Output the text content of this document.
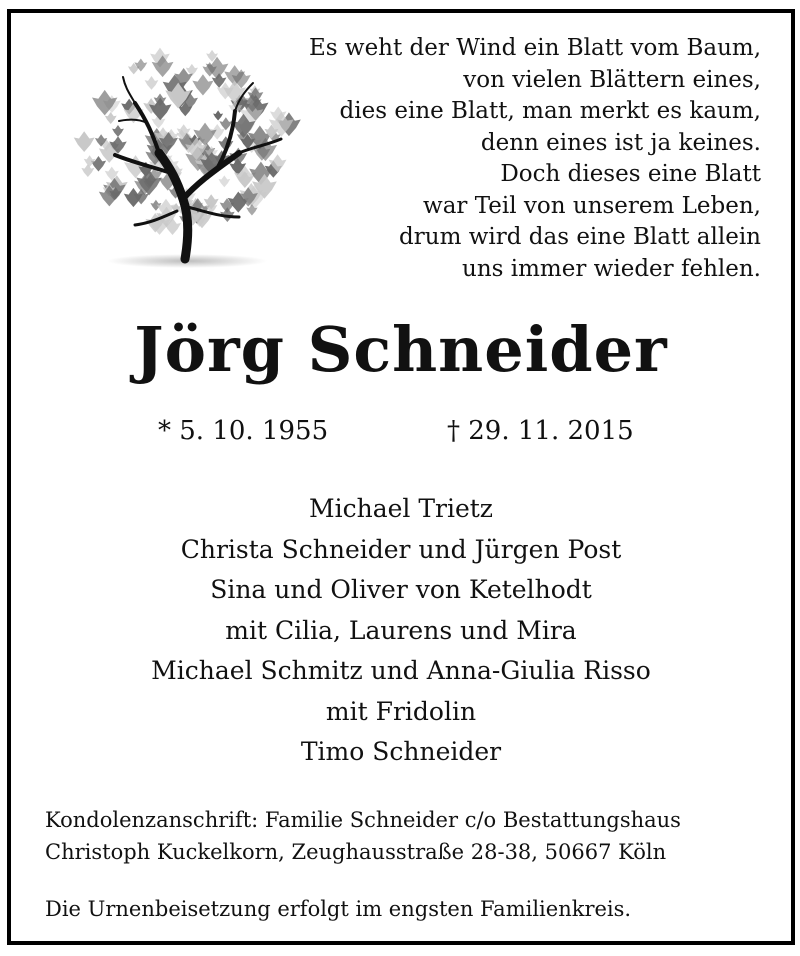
Es weht der Wind ein Blatt vom Baum,
von vielen Blättern eines,
dies eine Blatt, man merkt es kaum,
denn eines ist ja keines.
Doch dieses eine Blatt
war Teil von unserem Leben,
drum wird das eine Blatt allein
uns immer wieder fehlen.
Jörg Schneider
* 5. 10. 1955	† 29. 11. 2015
Michael Trietz
Christa Schneider und Jürgen Post
Sina und Oliver von Ketelhodt
mit Cilia, Laurens und Mira
Michael Schmitz und Anna-Giulia Risso
mit Fridolin
Timo Schneider
Kondolenzanschrift: Familie Schneider c/o Bestattungshaus
Christoph Kuckelkorn, Zeughausstraße 28-38, 50667 Köln
Die Urnenbeisetzung erfolgt im engsten Familienkreis.
